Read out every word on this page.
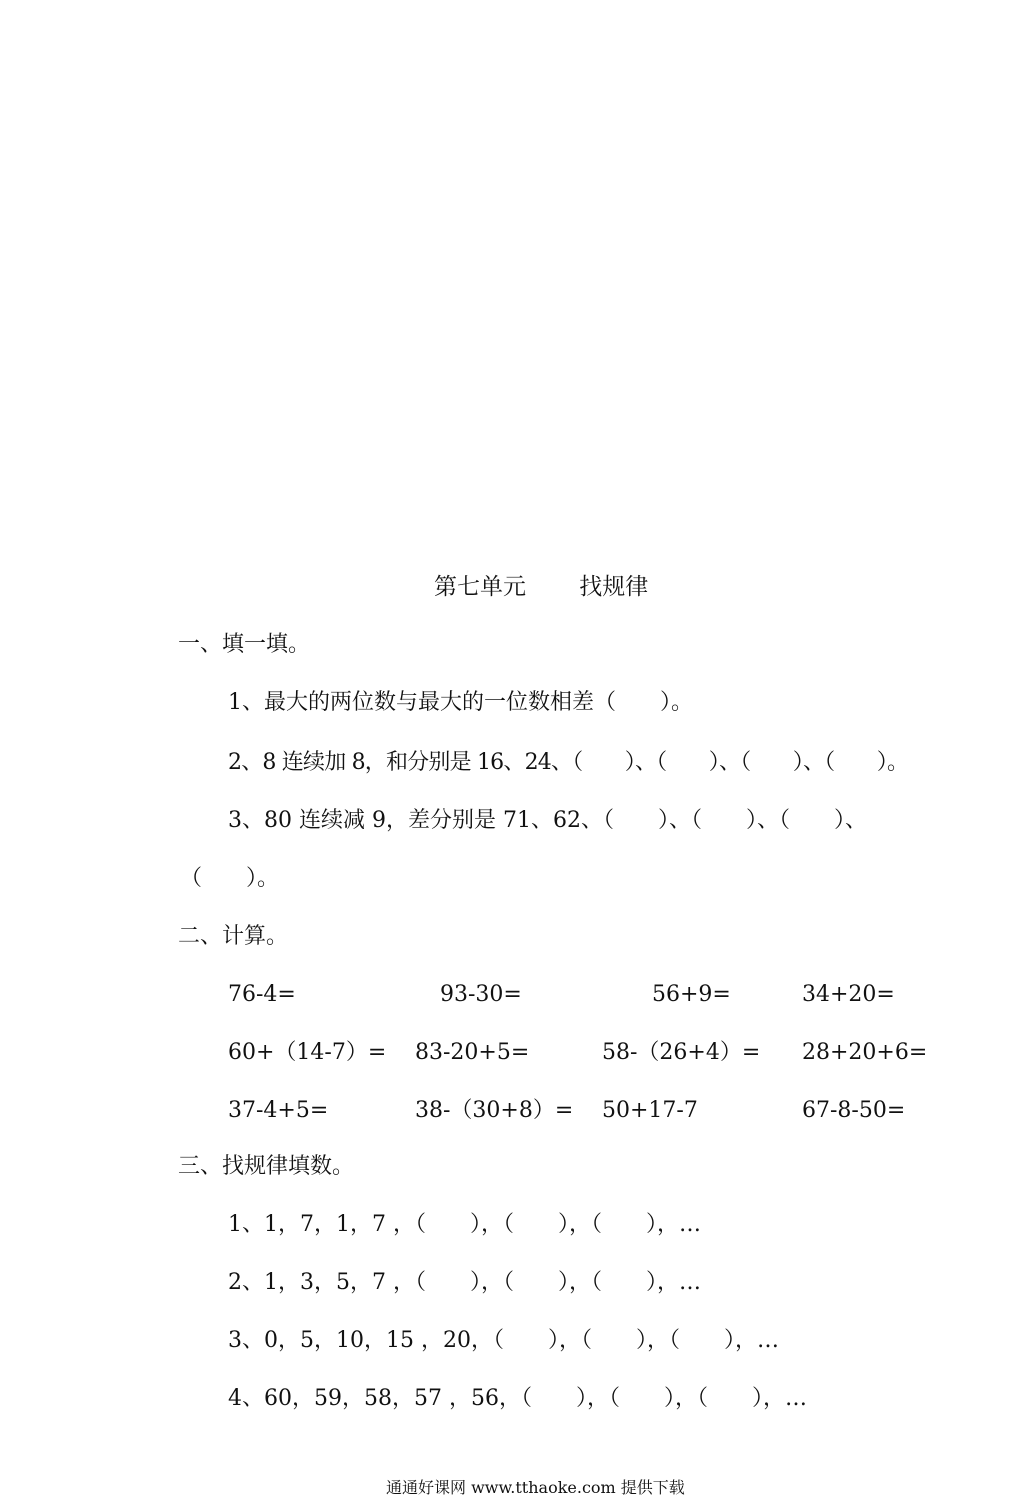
第七单元 　　找规律
一、填一填。
1、最大的两位数与最大的一位数相差（　　）。
2、8 连续加 8，和分别是 16、24、（　　）、（　　）、（　　）、（　　）。
3、80 连续减 9，差分别是 71、62、（　　）、（　　）、（　　）、
（　　）。
二、计算。
76-4=	93-30=	56+9=	34+20=
60+（14-7）= 83-20+5=	58-（26+4）= 28+20+6=
37-4+5=	38-（30+8）= 50+17-7	67-8-50=
三、找规律填数。
1、1，7，1，7 ，（　　），（　　），（　　），…
2、1，3，5，7 ，（　　），（　　），（　　），…
3、0，5，10，15 ，20，（　　），（　　），（　　），…
4、60，59，58，57 ，56，（　　），（　　），（　　），…
通通好课网 www.tthaoke.com 提供下载
